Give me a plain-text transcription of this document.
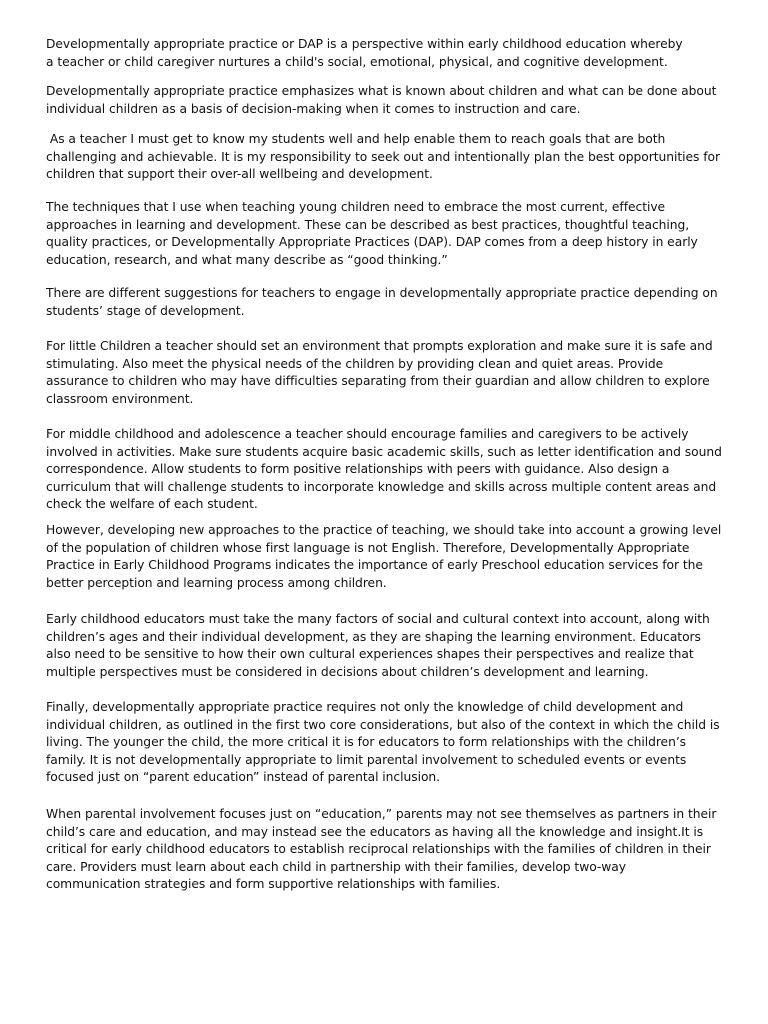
Developmentally appropriate practice or DAP is a perspective within early childhood education whereby
a teacher or child caregiver nurtures a child's social, emotional, physical, and cognitive development.

Developmentally appropriate practice emphasizes what is known about children and what can be done about
individual children as a basis of decision-making when it comes to instruction and care.

As a teacher I must get to know my students well and help enable them to reach goals that are both
challenging and achievable. It is my responsibility to seek out and intentionally plan the best opportunities for
children that support their over-all wellbeing and development.

The techniques that I use when teaching young children need to embrace the most current, effective
approaches in learning and development. These can be described as best practices, thoughtful teaching,
quality practices, or Developmentally Appropriate Practices (DAP). DAP comes from a deep history in early
education, research, and what many describe as “good thinking.”

There are different suggestions for teachers to engage in developmentally appropriate practice depending on
students’ stage of development.

For little Children a teacher should set an environment that prompts exploration and make sure it is safe and
stimulating. Also meet the physical needs of the children by providing clean and quiet areas. Provide
assurance to children who may have difficulties separating from their guardian and allow children to explore
classroom environment.

For middle childhood and adolescence a teacher should encourage families and caregivers to be actively
involved in activities. Make sure students acquire basic academic skills, such as letter identification and sound
correspondence. Allow students to form positive relationships with peers with guidance. Also design a
curriculum that will challenge students to incorporate knowledge and skills across multiple content areas and
check the welfare of each student.

However, developing new approaches to the practice of teaching, we should take into account a growing level
of the population of children whose first language is not English. Therefore, Developmentally Appropriate
Practice in Early Childhood Programs indicates the importance of early Preschool education services for the
better perception and learning process among children.

Early childhood educators must take the many factors of social and cultural context into account, along with
children’s ages and their individual development, as they are shaping the learning environment. Educators
also need to be sensitive to how their own cultural experiences shapes their perspectives and realize that
multiple perspectives must be considered in decisions about children’s development and learning.

Finally, developmentally appropriate practice requires not only the knowledge of child development and
individual children, as outlined in the first two core considerations, but also of the context in which the child is
living. The younger the child, the more critical it is for educators to form relationships with the children’s
family. It is not developmentally appropriate to limit parental involvement to scheduled events or events
focused just on “parent education” instead of parental inclusion.

When parental involvement focuses just on “education,” parents may not see themselves as partners in their
child’s care and education, and may instead see the educators as having all the knowledge and insight.It is
critical for early childhood educators to establish reciprocal relationships with the families of children in their
care. Providers must learn about each child in partnership with their families, develop two-way
communication strategies and form supportive relationships with families.
